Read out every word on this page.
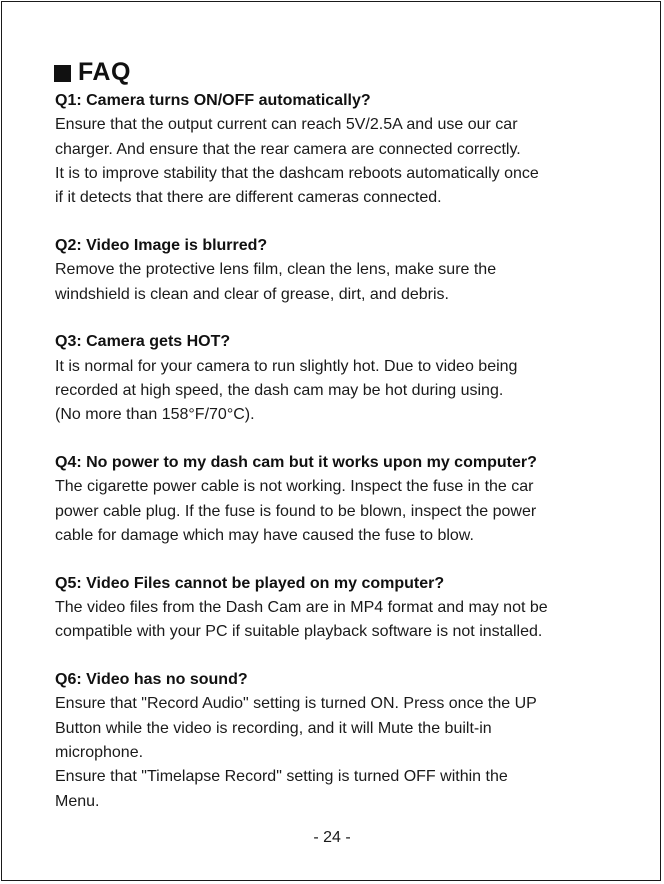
FAQ
Q1: Camera turns ON/OFF automatically?
Ensure that the output current can reach 5V/2.5A and use our car
charger. And ensure that the rear camera are connected correctly.
It is to improve stability that the dashcam reboots automatically once
if it detects that there are different cameras connected.
Q2: Video Image is blurred?
Remove the protective lens film, clean the lens, make sure the
windshield is clean and clear of grease, dirt, and debris.
Q3: Camera gets HOT?
It is normal for your camera to run slightly hot. Due to video being
recorded at high speed, the dash cam may be hot during using.
(No more than 158°F/70°C).
Q4: No power to my dash cam but it works upon my computer?
The cigarette power cable is not working. Inspect the fuse in the car
power cable plug. If the fuse is found to be blown, inspect the power
cable for damage which may have caused the fuse to blow.
Q5: Video Files cannot be played on my computer?
The video files from the Dash Cam are in MP4 format and may not be
compatible with your PC if suitable playback software is not installed.
Q6: Video has no sound?
Ensure that "Record Audio" setting is turned ON. Press once the UP
Button while the video is recording, and it will Mute the built-in
microphone.
Ensure that "Timelapse Record" setting is turned OFF within the
Menu.
- 24 -
